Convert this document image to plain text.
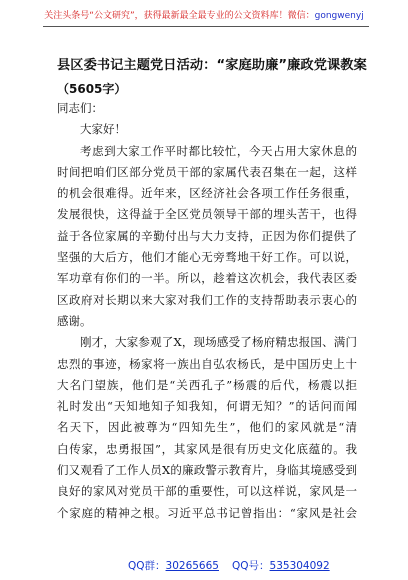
关注头条号“公文研究”，获得最新最全最专业的公文资料库！微信：gongwenyj
县区委书记主题党日活动：“家庭助廉”廉政党课教案
（5605字）
同志们：
大家好！
考虑到大家工作平时都比较忙，今天占用大家休息的
时间把咱们区部分党员干部的家属代表召集在一起，这样
的机会很难得。近年来，区经济社会各项工作任务很重，
发展很快，这得益于全区党员领导干部的埋头苦干，也得
益于各位家属的辛勤付出与大力支持，正因为你们提供了
坚强的大后方，他们才能心无旁骛地干好工作。可以说，
军功章有你们的一半。所以，趁着这次机会，我代表区委
区政府对长期以来大家对我们工作的支持帮助表示衷心的
感谢。
刚才，大家参观了X，现场感受了杨府精忠报国、满门
忠烈的事迹，杨家将一族出自弘农杨氏，是中国历史上十
大名门望族，他们是“关西孔子”杨震的后代，杨震以拒
礼时发出“天知地知子知我知，何谓无知？”的话问而闻
名天下，因此被尊为“四知先生”，他们的家风就是“清
白传家，忠勇报国”，其家风是很有历史文化底蕴的。我
们又观看了工作人员X的廉政警示教育片，身临其境感受到
良好的家风对党员干部的重要性，可以这样说，家风是一
个家庭的精神之根。习近平总书记曾指出：“家风是社会
QQ群：30265665 QQ号：535304092
